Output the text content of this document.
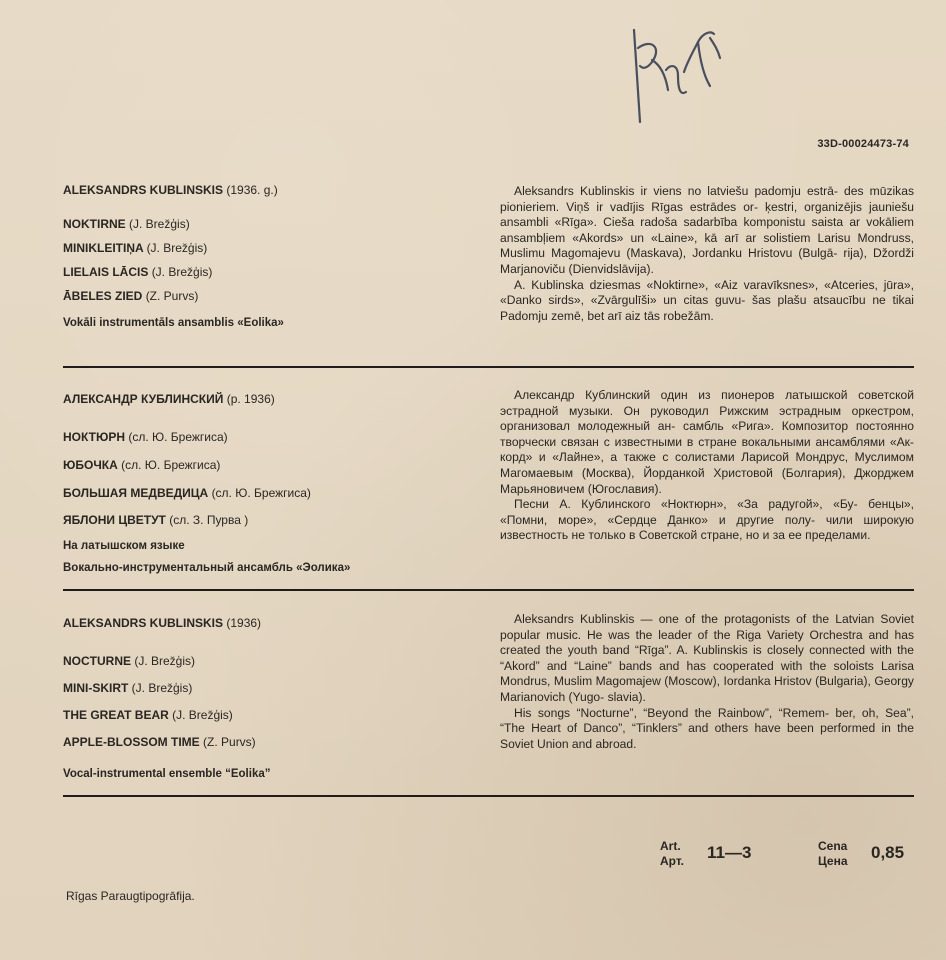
33D-00024473-74
ALEKSANDRS KUBLINSKIS (1936. g.)
NOKTIRNE (J. Brežģis)
MINIKLEITIŅA (J. Brežģis)
LIELAIS LĀCIS (J. Brežģis)
ĀBELES ZIED (Z. Purvs)
Vokāli instrumentāls ansamblis «Eolika»

Aleksandrs Kublinskis ir viens no latviešu padomju estrā- des mūzikas pionieriem. Viņš ir vadījis Rīgas estrādes or- ķestri, organizējis jauniešu ansambli «Rīga». Cieša radoša sadarbība komponistu saista ar vokāliem ansambļiem «Akords» un «Laine», kā arī ar solistiem Larisu Mondruss, Muslimu Magomajevu (Maskava), Jordanku Hristovu (Bulgā- rija), Džordži Marjanoviču (Dienvidslāvija).

A. Kublinska dziesmas «Noktirne», «Aiz varavīksnes», «Atceries, jūra», «Danko sirds», «Zvārgulīši» un citas guvu- šas plašu atsaucību ne tikai Padomju zemē, bet arī aiz tās robežām.

АЛЕКСАНДР КУБЛИНСКИЙ (р. 1936)
НОКТЮРН (сл. Ю. Брежгиса)
ЮБОЧКА (сл. Ю. Брежгиса)
БОЛЬШАЯ МЕДВЕДИЦА (сл. Ю. Брежгиса)
ЯБЛОНИ ЦВЕТУТ (сл. З. Пурва )
На латышском языке
Вокально-инструментальный ансамбль «Эолика»

Александр Кублинский один из пионеров латышской советской эстрадной музыки. Он руководил Рижским эстрадным оркестром, организовал молодежный ан- самбль «Рига». Композитор постоянно творчески связан с известными в стране вокальными ансамблями «Ак- корд» и «Лайне», а также с солистами Ларисой Мондрус, Муслимом Магомаевым (Москва), Йорданкой Христовой (Болгария), Джорджем Марьяновичем (Югославия).

Песни А. Кублинского «Ноктюрн», «За радугой», «Бу- бенцы», «Помни, море», «Сердце Данко» и другие полу- чили широкую известность не только в Советской стране, но и за ее пределами.

ALEKSANDRS KUBLINSKIS (1936)
NOCTURNE (J. Brežģis)
MINI-SKIRT (J. Brežģis)
THE GREAT BEAR (J. Brežģis)
APPLE-BLOSSOM TIME (Z. Purvs)
Vocal-instrumental ensemble “Eolika”

Aleksandrs Kublinskis — one of the protagonists of the Latvian Soviet popular music. He was the leader of the Riga Variety Orchestra and has created the youth band “Rīga”. A. Kublinskis is closely connected with the “Akord” and “Laine” bands and has cooperated with the soloists Larisa Mondrus, Muslim Magomajew (Moscow), Iordanka Hristov (Bulgaria), Georgy Marianovich (Yugo- slavia).

His songs “Nocturne”, “Beyond the Rainbow”, “Remem- ber, oh, Sea”, “The Heart of Danco”, “Tinklers” and others have been performed in the Soviet Union and abroad.

Art.
Арт. 11—3	Cena
Цена 0,85
Rīgas Paraugtipogrāfija.
